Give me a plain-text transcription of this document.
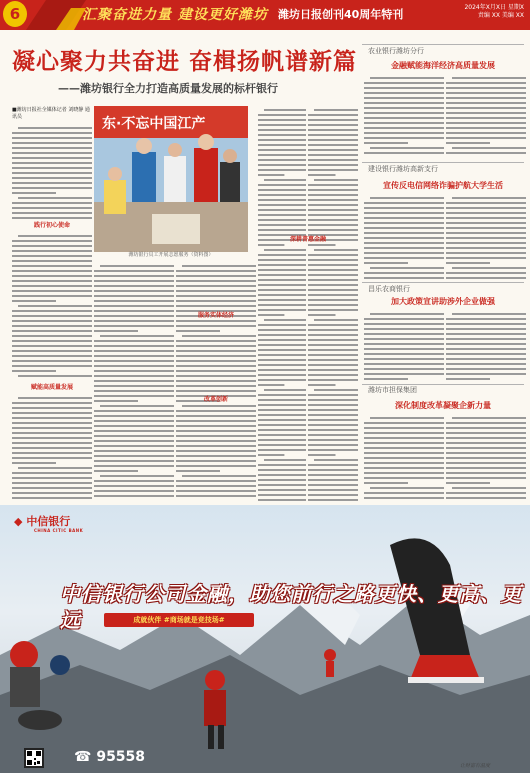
6	汇聚奋进力量 建设更好潍坊 潍坊日报创刊40周年特刊
2024年X月X日 星期X
责编 XX 美编 XX
凝心聚力共奋进 奋楫扬帆谱新篇
——潍坊银行全力打造高质量发展的标杆银行
■潍坊日报社全媒体记者 刘晓静 通讯员
践行初心使命
赋能高质量发展
东·不忘中国江产
潍坊银行员工开展志愿服务（资料图）
服务实体经济
改革创新
深耕普惠金融
农业银行潍坊分行
金融赋能海洋经济高质量发展
建设银行潍坊高新支行
宣传反电信网络诈骗护航大学生活
昌乐农商银行
加大政策宣讲助涉外企业做强
潍坊市担保集团
深化制度改革凝聚企新力量
◆ 中信银行
CHINA CITIC BANK
中信银行公司金融，助您前行之路更快、更高、更远	成就伙伴 #商场就是竞技场#
☎ 95558
让财富有温度
